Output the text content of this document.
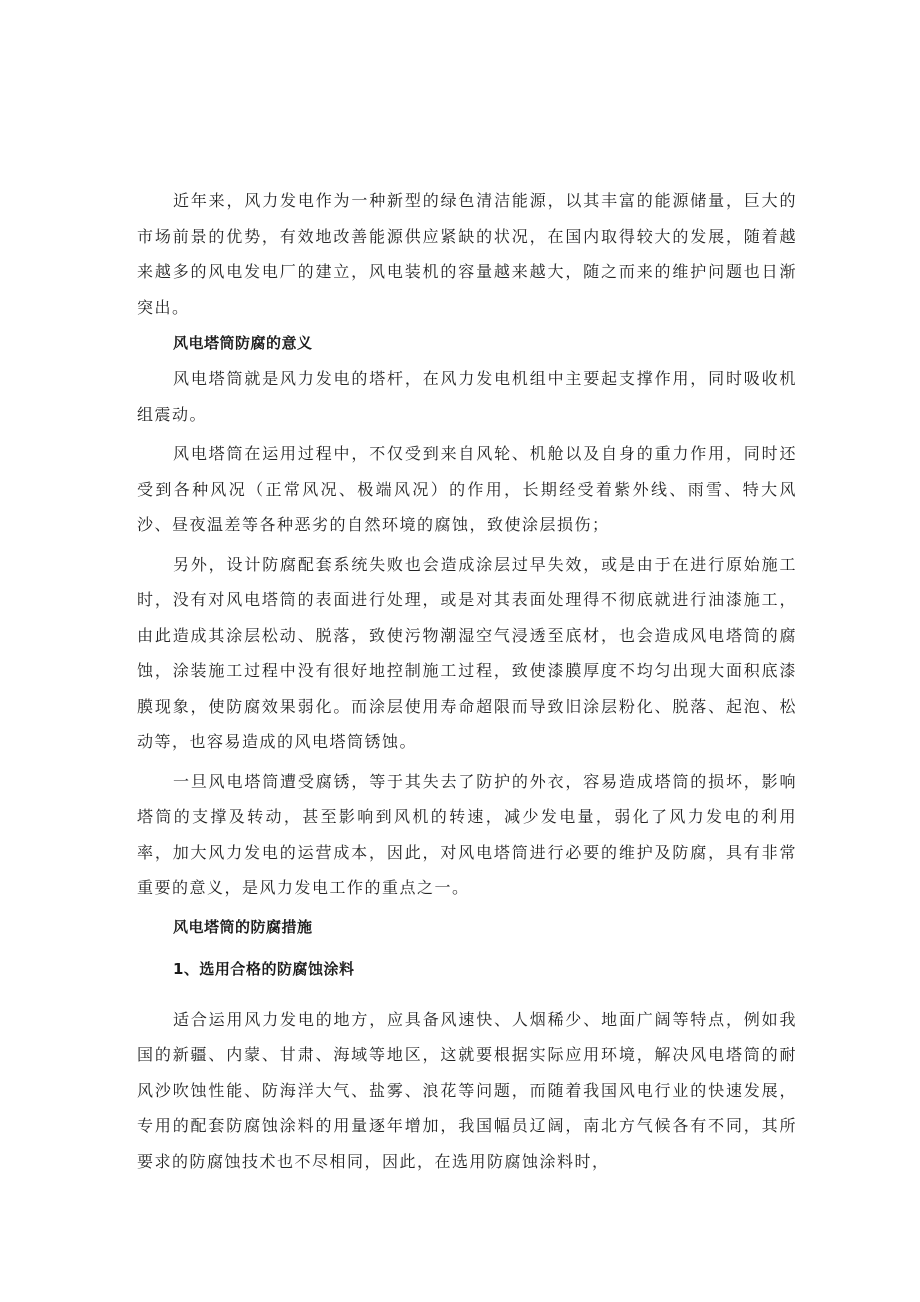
近年来，风力发电作为一种新型的绿色清洁能源，以其丰富的能源储量，巨大的市场前景的优势，有效地改善能源供应紧缺的状况，在国内取得较大的发展，随着越来越多的风电发电厂的建立，风电装机的容量越来越大，随之而来的维护问题也日渐突出。

风电塔筒防腐的意义

风电塔筒就是风力发电的塔杆，在风力发电机组中主要起支撑作用，同时吸收机组震动。

风电塔筒在运用过程中，不仅受到来自风轮、机舱以及自身的重力作用，同时还受到各种风况（正常风况、极端风况）的作用，长期经受着紫外线、雨雪、特大风沙、昼夜温差等各种恶劣的自然环境的腐蚀，致使涂层损伤；

另外，设计防腐配套系统失败也会造成涂层过早失效，或是由于在进行原始施工时，没有对风电塔筒的表面进行处理，或是对其表面处理得不彻底就进行油漆施工，由此造成其涂层松动、脱落，致使污物潮湿空气浸透至底材，也会造成风电塔筒的腐蚀，涂装施工过程中没有很好地控制施工过程，致使漆膜厚度不均匀出现大面积底漆膜现象，使防腐效果弱化。而涂层使用寿命超限而导致旧涂层粉化、脱落、起泡、松动等，也容易造成的风电塔筒锈蚀。

一旦风电塔筒遭受腐锈，等于其失去了防护的外衣，容易造成塔筒的损坏，影响塔筒的支撑及转动，甚至影响到风机的转速，减少发电量，弱化了风力发电的利用率，加大风力发电的运营成本，因此，对风电塔筒进行必要的维护及防腐，具有非常重要的意义，是风力发电工作的重点之一。

风电塔筒的防腐措施
1、选用合格的防腐蚀涂料

适合运用风力发电的地方，应具备风速快、人烟稀少、地面广阔等特点，例如我国的新疆、内蒙、甘肃、海域等地区，这就要根据实际应用环境，解决风电塔筒的耐风沙吹蚀性能、防海洋大气、盐雾、浪花等问题，而随着我国风电行业的快速发展，专用的配套防腐蚀涂料的用量逐年增加，我国幅员辽阔，南北方气候各有不同，其所要求的防腐蚀技术也不尽相同，因此，在选用防腐蚀涂料时，
